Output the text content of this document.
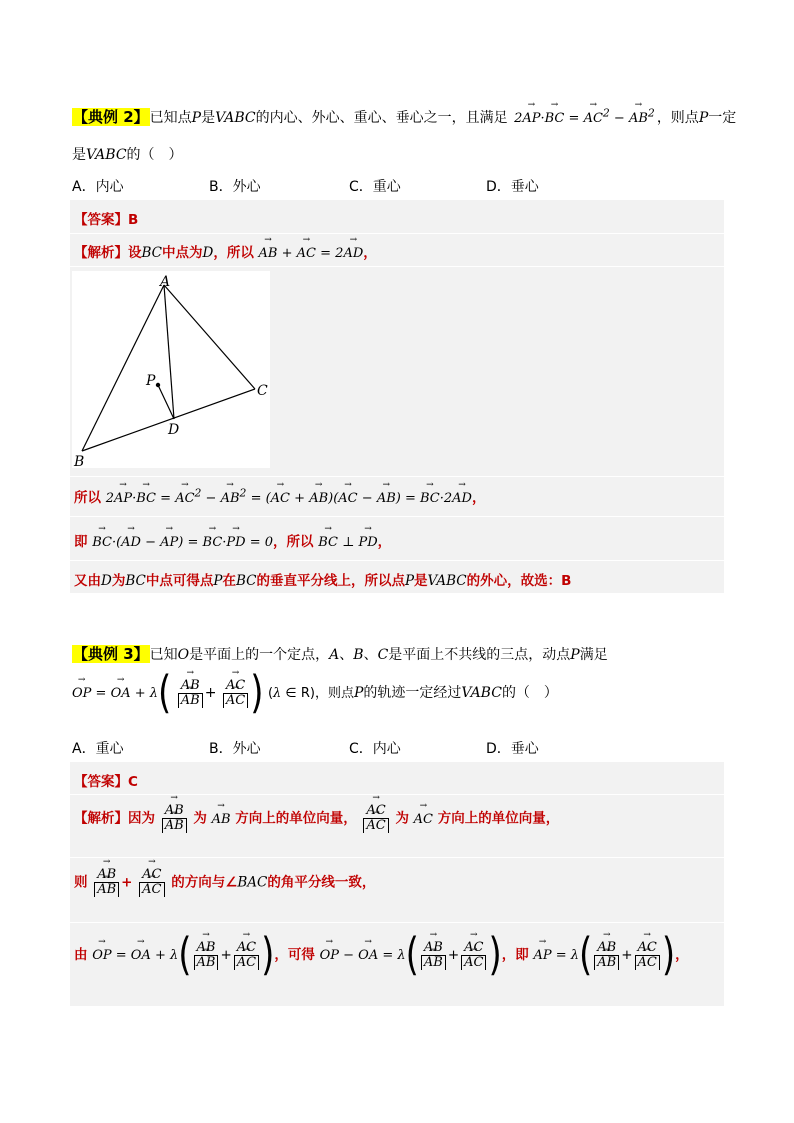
【典例 2】已知点P是VABC的内心、外心、重心、垂心之一，且满足 2→ AP·→ BC = → $AC^2$ − → $AB^2$ ，则点P一定
是VABC的（　）
A．内心	B．外心	C．重心	D．垂心
【答案】B
【解析】设BC中点为D，所以 → AB + → AC = 2→ AD，
A
B
C
D
P
所以 2→ AP·→ BC = → $AC^2$ − → $AB^2$ = (→ AC + → AB)(→ AC − → AB) = → BC·2→ AD，
即 → BC·(→ AD − → AP) = → BC·→ PD = 0，所以 → BC ⊥ → PD，
又由D为BC中点可得点P在BC的垂直平分线上，所以点P是VABC的外心，故选：B
【典例 3】已知O是平面上的一个定点，A、B、C是平面上不共线的三点，动点P满足
→ OP = → OA + λ( → AB
→ AB + → AC
→ AC ) (λ ∈ R)，则点P的轨迹一定经过VABC的（　）
A．重心	B．外心	C．内心	D．垂心
【答案】C
【解析】因为 → AB
→ AB 为 → AB 方向上的单位向量， → AC
→ AC 为 → AC 方向上的单位向量，
则 → AB
→ AB + → AC
→ AC 的方向与∠BAC的角平分线一致，
由 → OP = → OA + λ( → AB
→ AB + → AC
→ AC )，可得 → OP − → OA = λ( → AB
→ AB + → AC
→ AC )，即 → AP = λ( → AB
→ AB + → AC
→ AC )，
